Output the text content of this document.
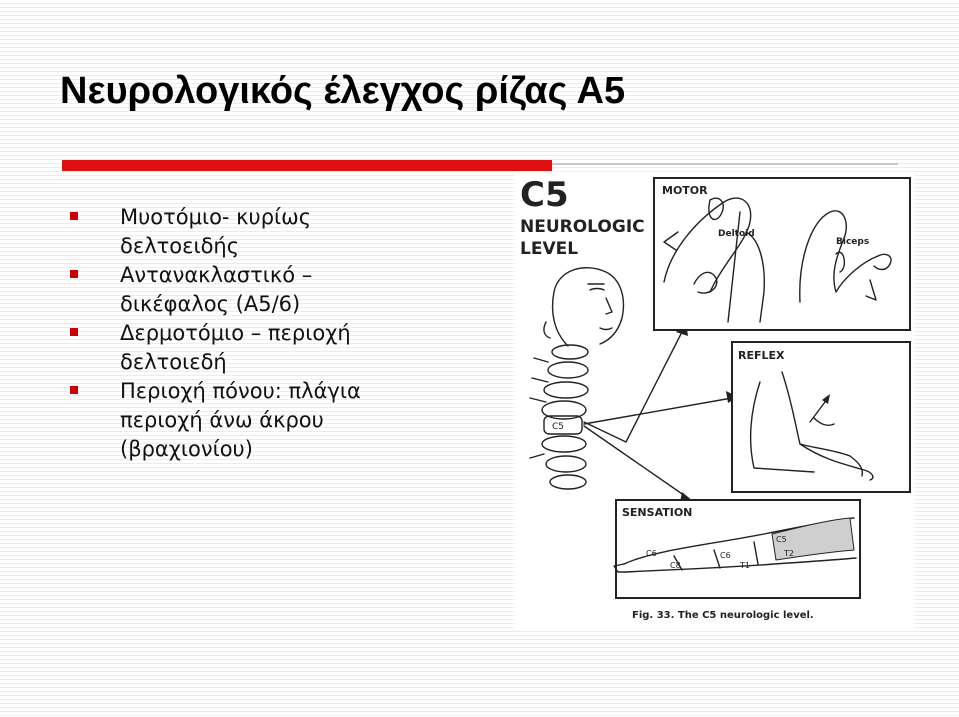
Νευρολογικός έλεγχος ρίζας Α5
Μυοτόμιο- κυρίως
δελτοειδής
Αντανακλαστικό –
δικέφαλος (Α5/6)
Δερμοτόμιο – περιοχή
δελτοιεδή
Περιοχή πόνου: πλάγια
περιοχή άνω άκρου
(βραχιονίου)
C5
NEUROLOGIC
LEVEL
C5
MOTOR
Deltoid
Biceps
REFLEX
SENSATION
C6	C6
C8
C5
T1
T2
Fig. 33. The C5 neurologic level.
